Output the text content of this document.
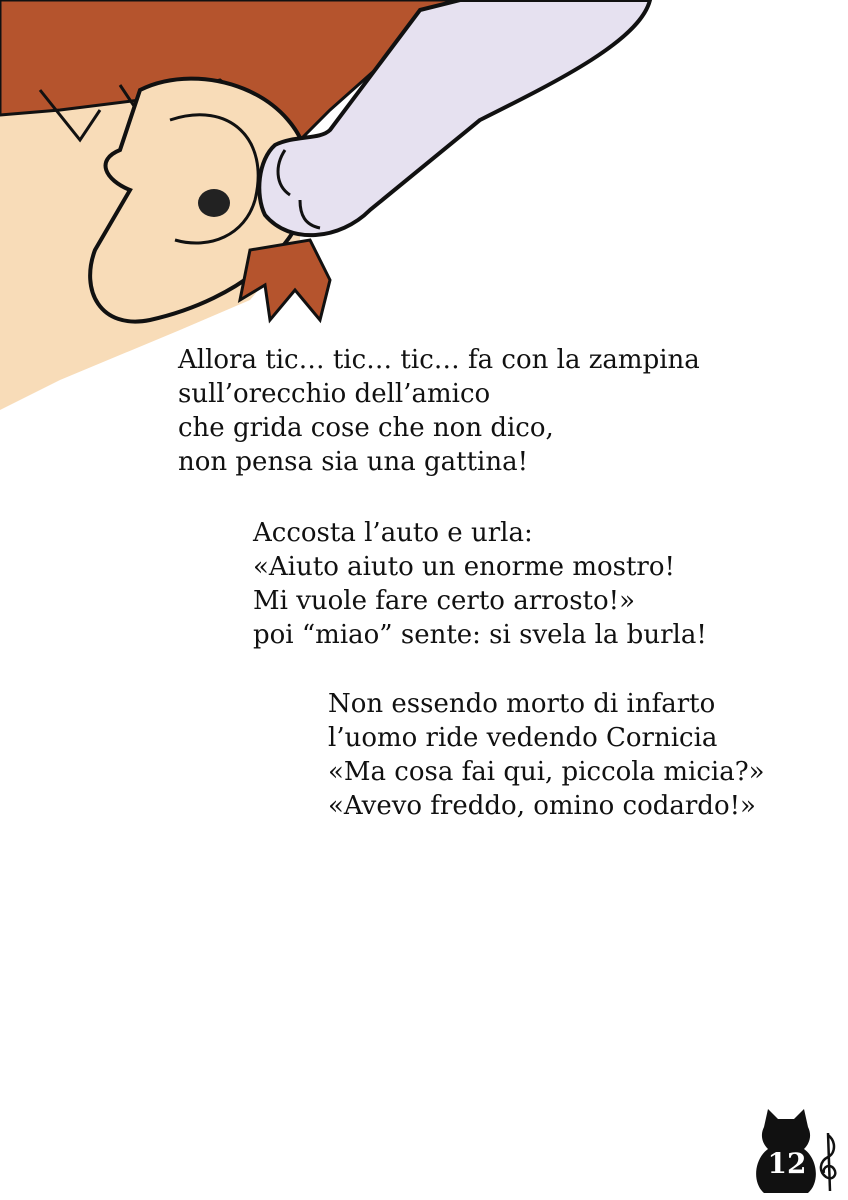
Allora tic… tic… tic… fa con la zampina
sull’orecchio dell’amico
che grida cose che non dico,
non pensa sia una gattina!
Accosta l’auto e urla:
«Aiuto aiuto un enorme mostro!
Mi vuole fare certo arrosto!»
poi “miao” sente: si svela la burla!
Non essendo morto di infarto
l’uomo ride vedendo Cornicia
«Ma cosa fai qui, piccola micia?»
«Avevo freddo, omino codardo!»
12
